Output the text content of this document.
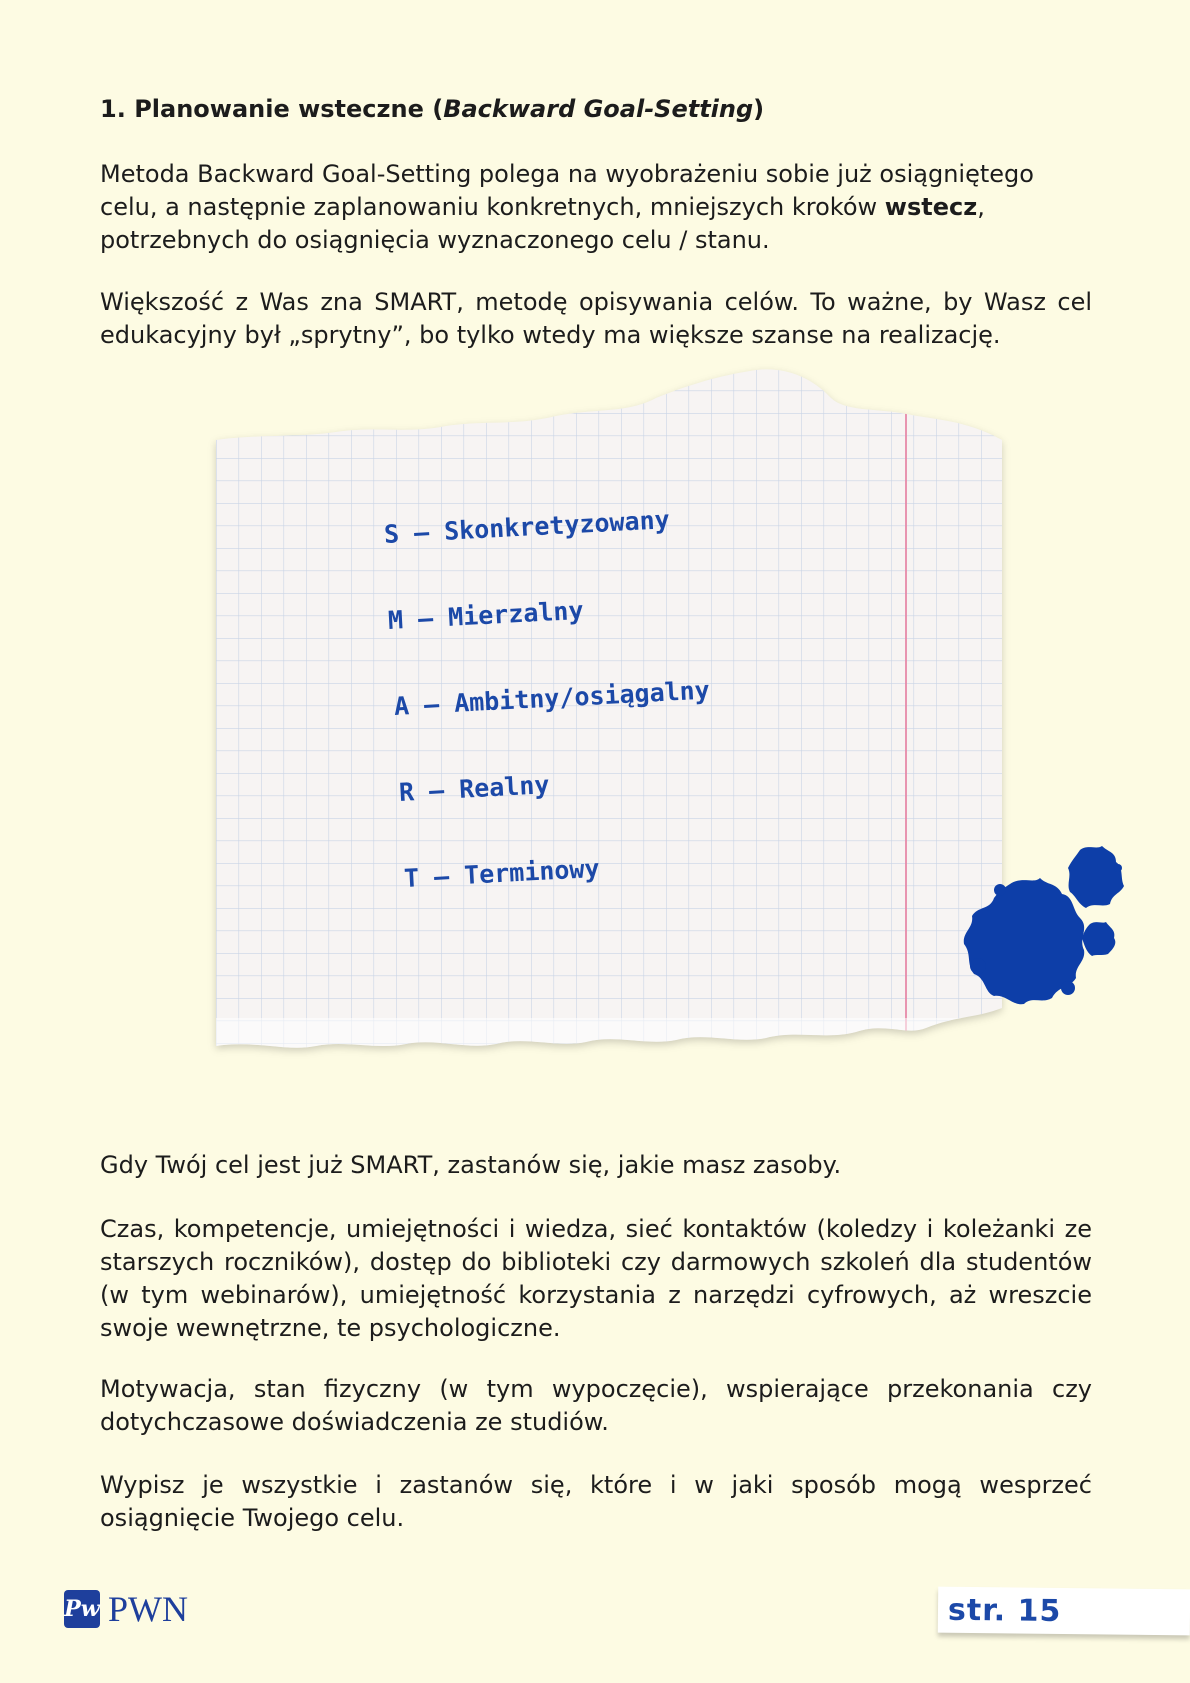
1. Planowanie wsteczne (Backward Goal-Setting)

Metoda Backward Goal-Setting polega na wyobrażeniu sobie już osiągniętego celu, a następnie zaplanowaniu konkretnych, mniejszych kroków wstecz, potrzebnych do osiągnięcia wyznaczonego celu / stanu.

Większość z Was zna SMART, metodę opisywania celów. To ważne, by Wasz cel edukacyjny był „sprytny”, bo tylko wtedy ma większe szanse na realizację.

S – Skonkretyzowany
M – Mierzalny
A – Ambitny/osiągalny
R – Realny
T – Terminowy

Gdy Twój cel jest już SMART, zastanów się, jakie masz zasoby.

Czas, kompetencje, umiejętności i wiedza, sieć kontaktów (koledzy i koleżanki ze starszych roczników), dostęp do biblioteki czy darmowych szkoleń dla studentów (w tym webinarów), umiejętność korzystania z narzędzi cyfrowych, aż wreszcie swoje wewnętrzne, te psychologiczne.

Motywacja, stan fizyczny (w tym wypoczęcie), wspierające przekonania czy dotychczasowe doświadczenia ze studiów.

Wypisz je wszystkie i zastanów się, które i w jaki sposób mogą wesprzeć osiągnięcie Twojego celu.

Pw PWN	str. 15
